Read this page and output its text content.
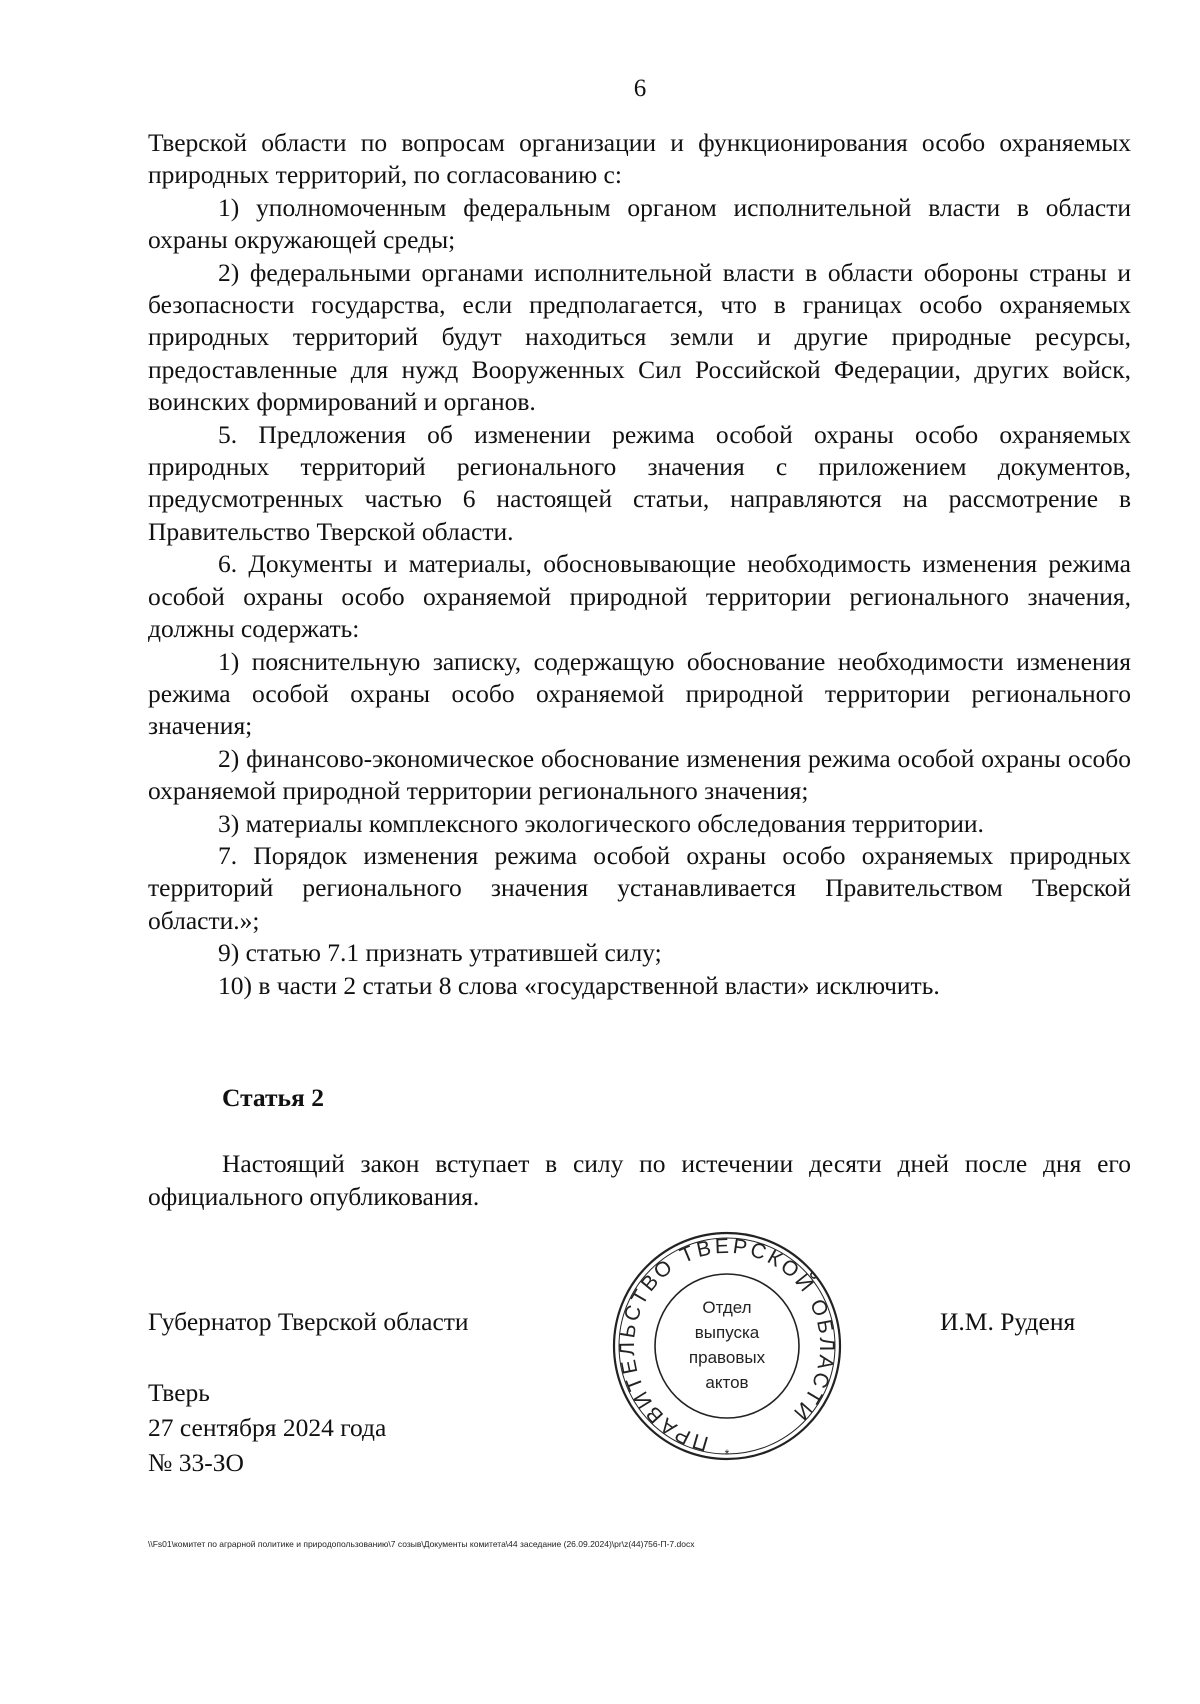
6

Тверской области по вопросам организации и функционирования особо охраняемых природных территорий, по согласованию с:

1) уполномоченным федеральным органом исполнительной власти в области охраны окружающей среды;

2) федеральными органами исполнительной власти в области обороны страны и безопасности государства, если предполагается, что в границах особо охраняемых природных территорий будут находиться земли и другие природные ресурсы, предоставленные для нужд Вооруженных Сил Российской Федерации, других войск, воинских формирований и органов.

5. Предложения об изменении режима особой охраны особо охраняемых природных территорий регионального значения с приложением документов, предусмотренных частью 6 настоящей статьи, направляются на рассмотрение в Правительство Тверской области.

6. Документы и материалы, обосновывающие необходимость изменения режима особой охраны особо охраняемой природной территории регионального значения, должны содержать:

1) пояснительную записку, содержащую обоснование необходимости изменения режима особой охраны особо охраняемой природной территории регионального значения;

2) финансово-экономическое обоснование изменения режима особой охраны особо охраняемой природной территории регионального значения;

3) материалы комплексного экологического обследования территории.

7. Порядок изменения режима особой охраны особо охраняемых природных территорий регионального значения устанавливается Правительством Тверской области.»;

9) статью 7.1 признать утратившей силу;

10) в части 2 статьи 8 слова «государственной власти» исключить.

Статья 2
Настоящий закон вступает в силу по истечении десяти дней после дня его официального опубликования.
Губернатор Тверской области	И.М. Руденя
Тверь
27 сентября 2024 года
№ 33-ЗО
ПРАВИТЕЛЬСТВО ТВЕРСКОЙ ОБЛАСТИ
*
Отдел
выпуска
правовых
актов
\\Fs01\комитет по аграрной политике и природопользованию\7 созыв\Документы комитета\44 заседание (26.09.2024)\pr\z(44)756-П-7.docx
